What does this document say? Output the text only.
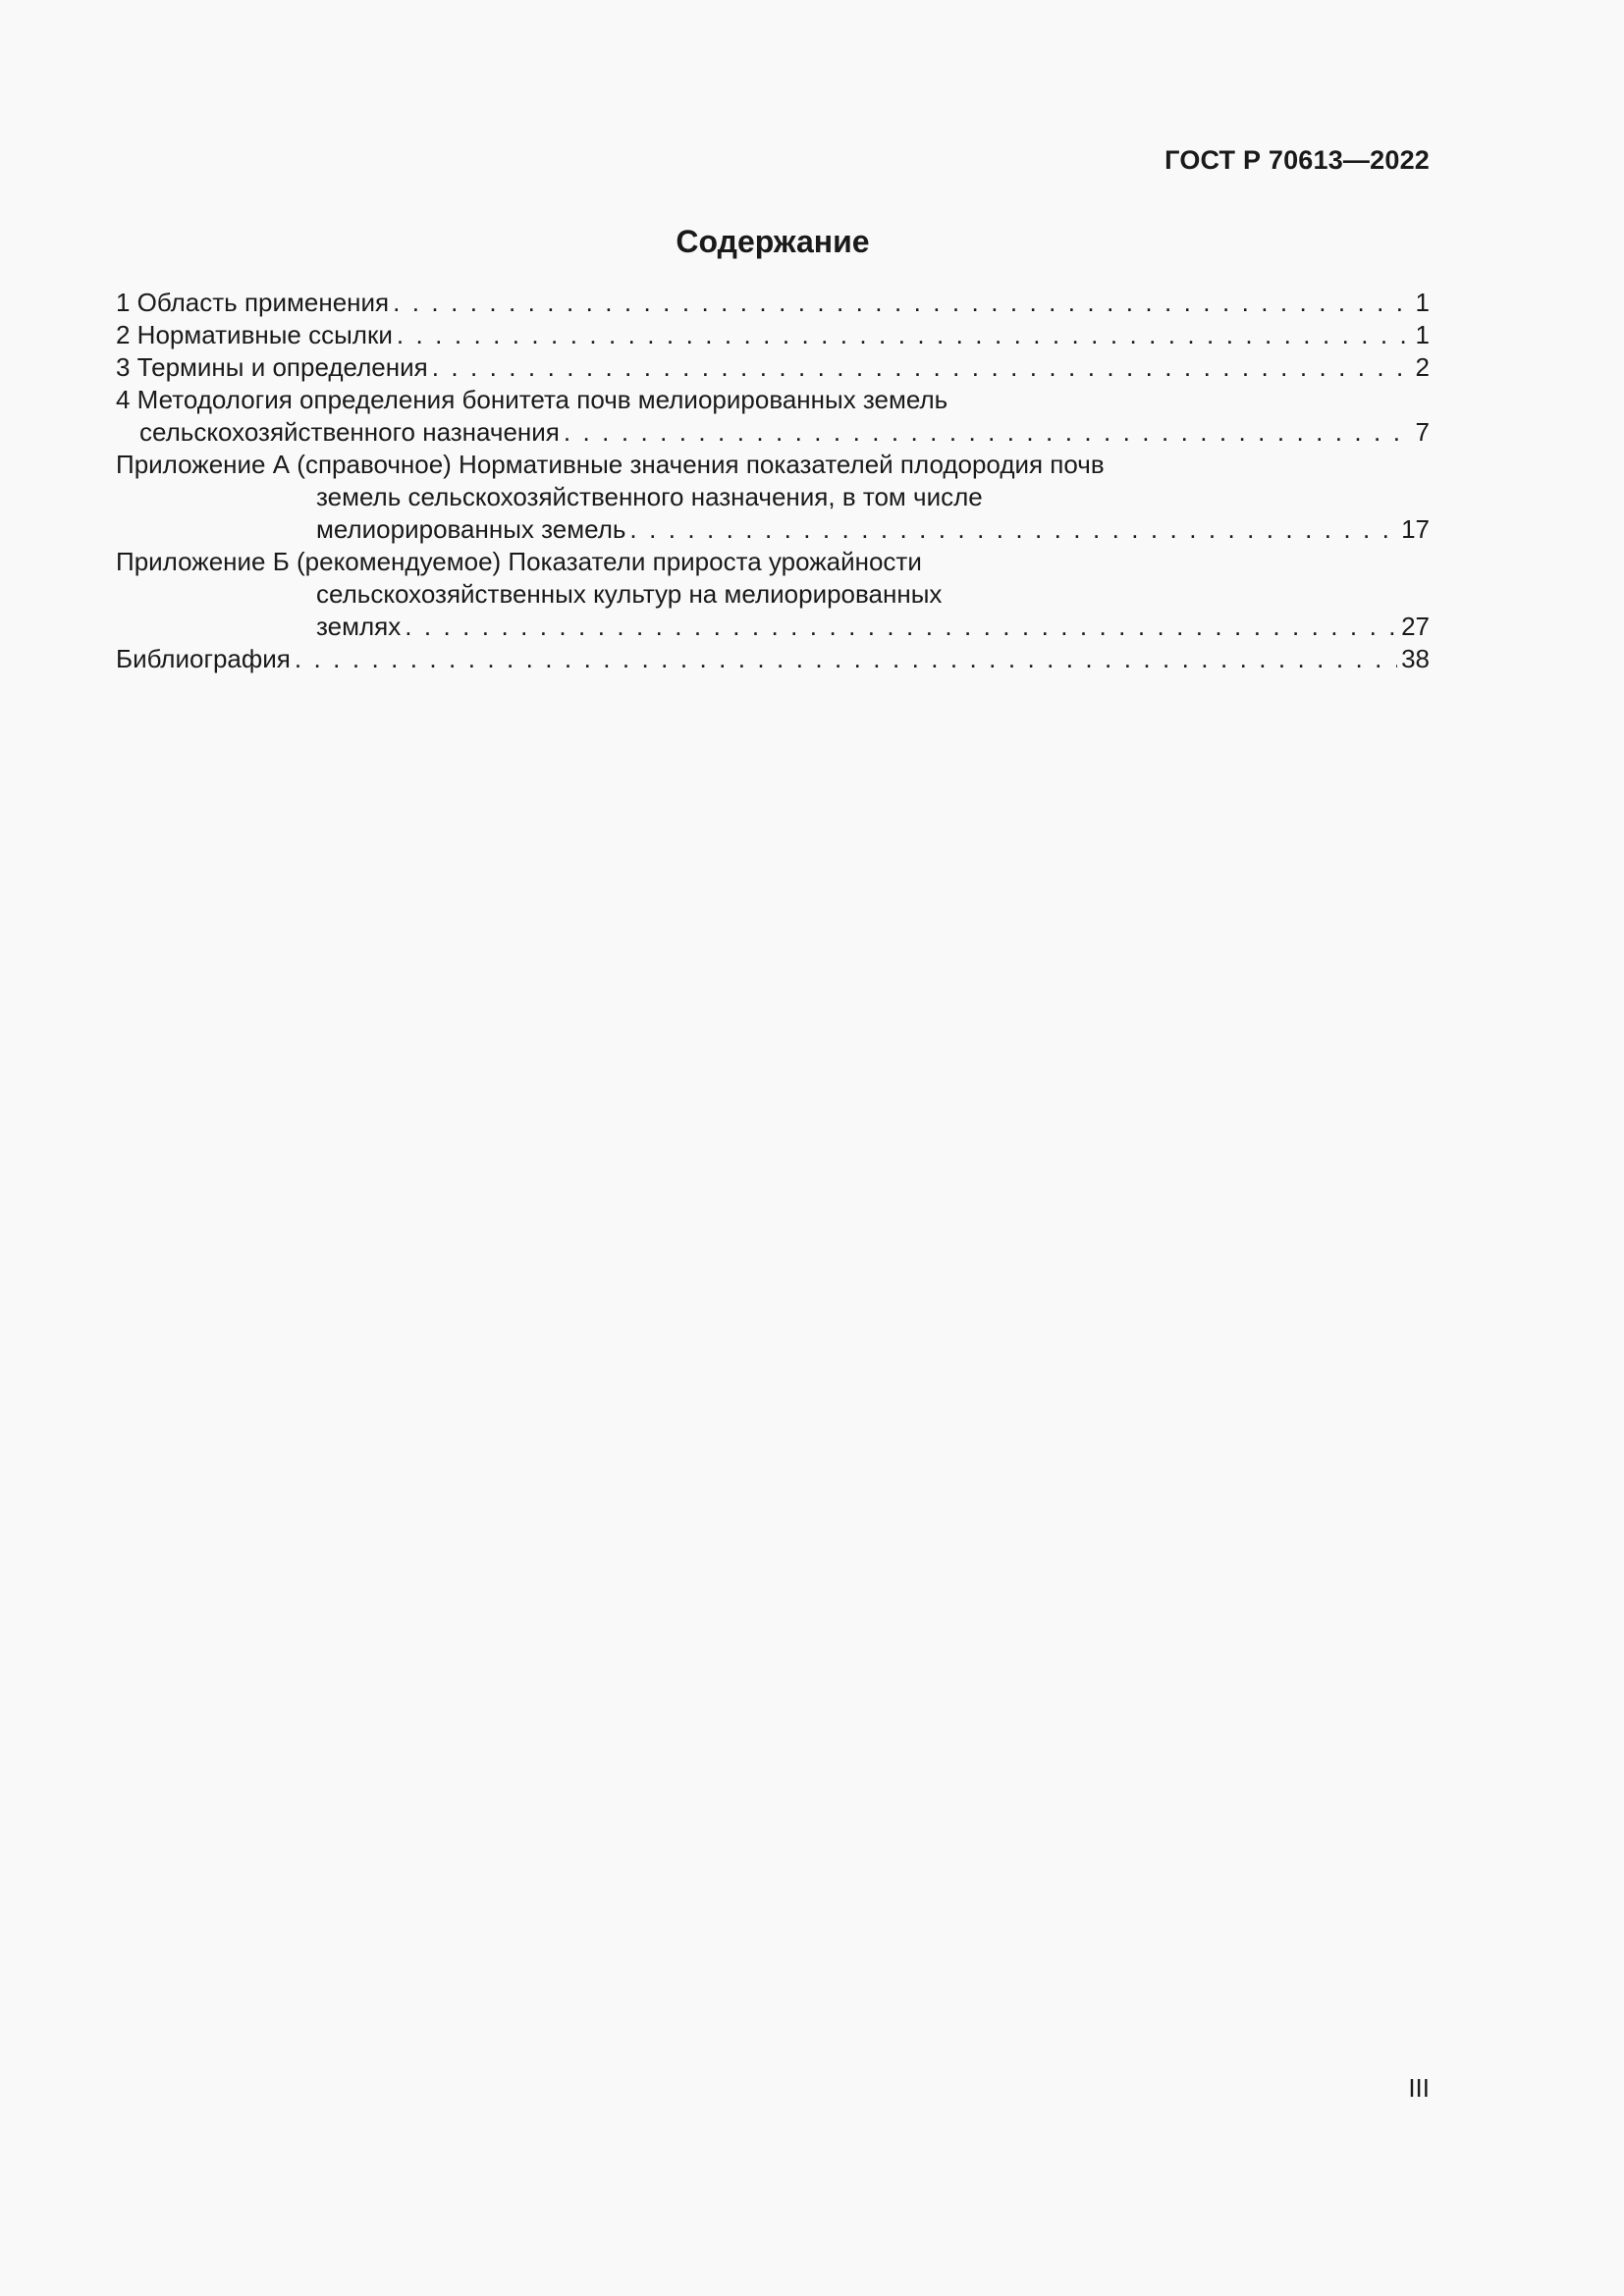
ГОСТ Р 70613—2022
Содержание
1 Область применения . . .	1
2 Нормативные ссылки . . .	1
3 Термины и определения . . .	2
4 Методология определения бонитета почв мелиорированных земель
сельскохозяйственного назначения . . .	7
Приложение А (справочное) Нормативные значения показателей плодородия почв
земель сельскохозяйственного назначения, в том числе
мелиорированных земель . . .	17
Приложение Б (рекомендуемое) Показатели прироста урожайности
сельскохозяйственных культур на мелиорированных
землях . . .	27
Библиография . . .	38
III
